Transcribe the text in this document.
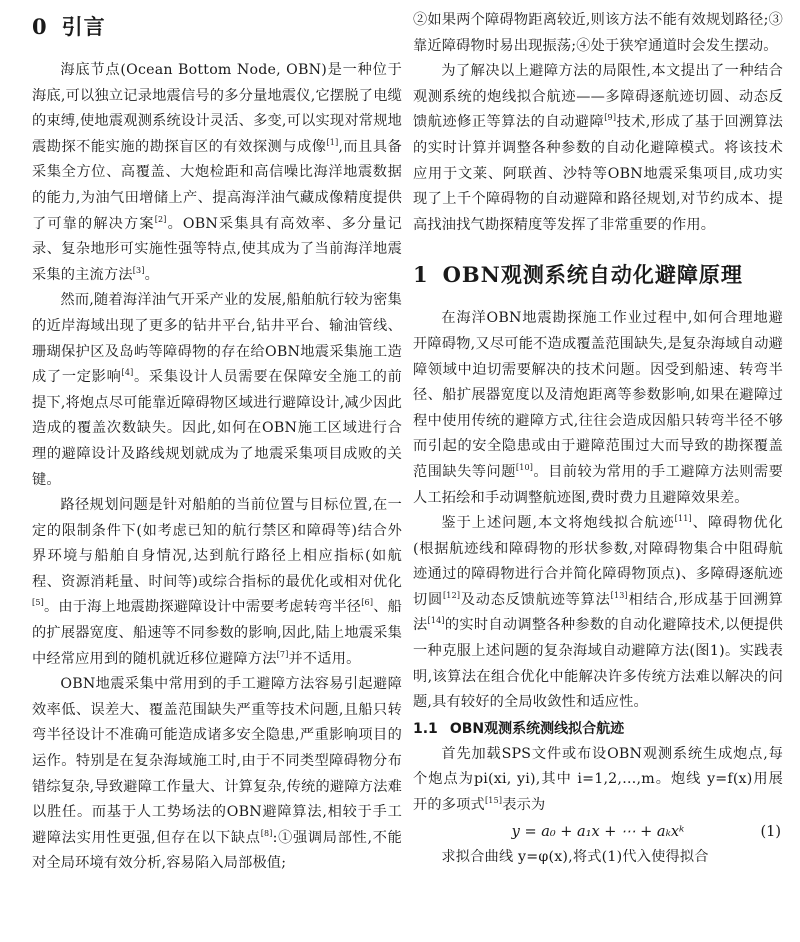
0 引言

海底节点(Ocean Bottom Node, OBN)是一种位于海底,可以独立记录地震信号的多分量地震仪,它摆脱了电缆的束缚,使地震观测系统设计灵活、多变,可以实现对常规地震勘探不能实施的勘探盲区的有效探测与成像[1],而且具备采集全方位、高覆盖、大炮检距和高信噪比海洋地震数据的能力,为油气田增储上产、提高海洋油气藏成像精度提供了可靠的解决方案[2]。OBN采集具有高效率、多分量记录、复杂地形可实施性强等特点,使其成为了当前海洋地震采集的主流方法[3]。

然而,随着海洋油气开采产业的发展,船舶航行较为密集的近岸海域出现了更多的钻井平台,钻井平台、输油管线、珊瑚保护区及岛屿等障碍物的存在给OBN地震采集施工造成了一定影响[4]。采集设计人员需要在保障安全施工的前提下,将炮点尽可能靠近障碍物区域进行避障设计,减少因此造成的覆盖次数缺失。因此,如何在OBN施工区域进行合理的避障设计及路线规划就成为了地震采集项目成败的关键。

路径规划问题是针对船舶的当前位置与目标位置,在一定的限制条件下(如考虑已知的航行禁区和障碍等)结合外界环境与船舶自身情况,达到航行路径上相应指标(如航程、资源消耗量、时间等)或综合指标的最优化或相对优化[5]。由于海上地震勘探避障设计中需要考虑转弯半径[6]、船的扩展器宽度、船速等不同参数的影响,因此,陆上地震采集中经常应用到的随机就近移位避障方法[7]并不适用。

OBN地震采集中常用到的手工避障方法容易引起避障效率低、误差大、覆盖范围缺失严重等技术问题,且船只转弯半径设计不准确可能造成诸多安全隐患,严重影响项目的运作。特别是在复杂海域施工时,由于不同类型障碍物分布错综复杂,导致避障工作量大、计算复杂,传统的避障方法难以胜任。而基于人工势场法的OBN避障算法,相较于手工避障法实用性更强,但存在以下缺点[8]:①强调局部性,不能对全局环境有效分析,容易陷入局部极值;

②如果两个障碍物距离较近,则该方法不能有效规划路径;③靠近障碍物时易出现振荡;④处于狭窄通道时会发生摆动。

为了解决以上避障方法的局限性,本文提出了一种结合观测系统的炮线拟合航迹——多障碍逐航迹切圆、动态反馈航迹修正等算法的自动避障[9]技术,形成了基于回溯算法的实时计算并调整各种参数的自动化避障模式。将该技术应用于文莱、阿联酋、沙特等OBN地震采集项目,成功实现了上千个障碍物的自动避障和路径规划,对节约成本、提高找油找气勘探精度等发挥了非常重要的作用。

1 OBN观测系统自动化避障原理

在海洋OBN地震勘探施工作业过程中,如何合理地避开障碍物,又尽可能不造成覆盖范围缺失,是复杂海域自动避障领域中迫切需要解决的技术问题。因受到船速、转弯半径、船扩展器宽度以及清炮距离等参数影响,如果在避障过程中使用传统的避障方式,往往会造成因船只转弯半径不够而引起的安全隐患或由于避障范围过大而导致的勘探覆盖范围缺失等问题[10]。目前较为常用的手工避障方法则需要人工拓绘和手动调整航迹图,费时费力且避障效果差。

鉴于上述问题,本文将炮线拟合航迹[11]、障碍物优化(根据航迹线和障碍物的形状参数,对障碍物集合中阻碍航迹通过的障碍物进行合并简化障碍物顶点)、多障碍逐航迹切圆[12]及动态反馈航迹等算法[13]相结合,形成基于回溯算法[14]的实时自动调整各种参数的自动化避障技术,以便提供一种克服上述问题的复杂海域自动避障方法(图1)。实践表明,该算法在组合优化中能解决许多传统方法难以解决的问题,具有较好的全局收敛性和适应性。

1.1 OBN观测系统测线拟合航迹

首先加载SPS文件或布设OBN观测系统生成炮点,每个炮点为pi(xi, yi),其中 i=1,2,…,m。炮线 y=f(x)用展开的多项式[15]表示为

y = a₀ + a₁x + ⋯ + aₖxᵏ	(1)

求拟合曲线 y=φ(x),将式(1)代入使得拟合
